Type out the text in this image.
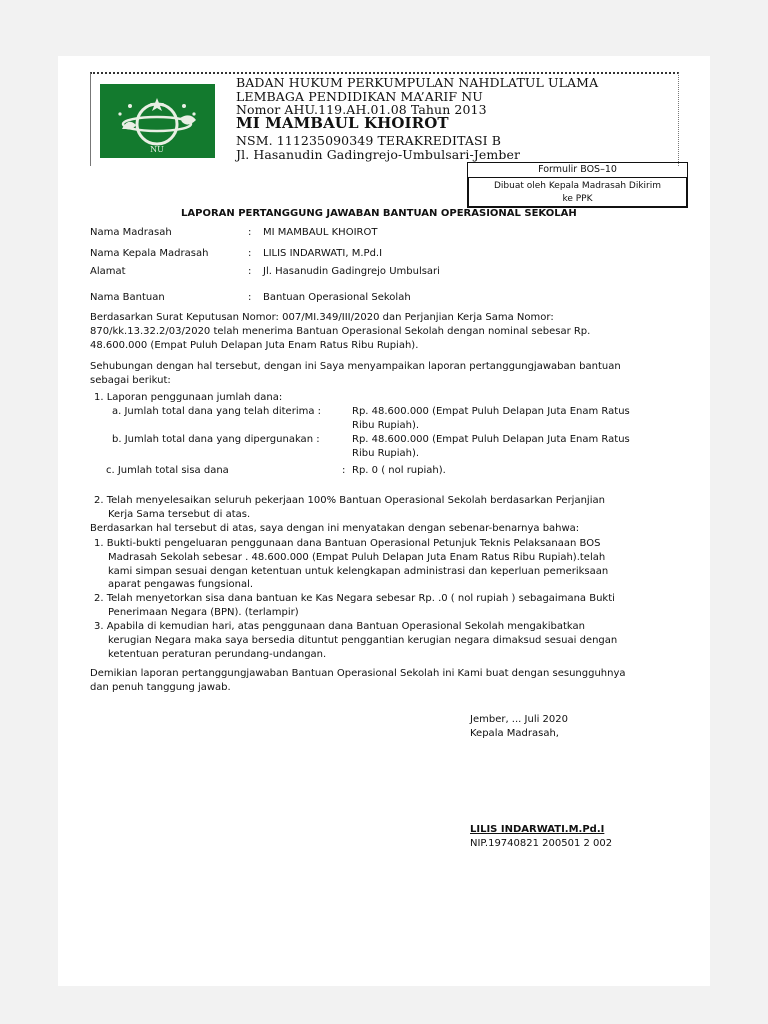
NU
BADAN HUKUM PERKUMPULAN NAHDLATUL ULAMA
LEMBAGA PENDIDIKAN MA’ARIF NU
Nomor AHU.119.AH.01.08 Tahun 2013
MI MAMBAUL KHOIROT
NSM. 111235090349 TERAKREDITASI B
Jl. Hasanudin Gadingrejo-Umbulsari-Jember
Formulir BOS–10
Dibuat oleh Kepala Madrasah Dikirim
ke PPK
LAPORAN PERTANGGUNG JAWABAN BANTUAN OPERASIONAL SEKOLAH
Nama Madrasah	: MI MAMBAUL KHOIROT
Nama Kepala Madrasah	: LILIS INDARWATI, M.Pd.I
Alamat	: Jl. Hasanudin Gadingrejo Umbulsari
Nama Bantuan	: Bantuan Operasional Sekolah
Berdasarkan Surat Keputusan Nomor: 007/MI.349/III/2020 dan Perjanjian Kerja Sama Nomor:
870/kk.13.32.2/03/2020 telah menerima Bantuan Operasional Sekolah dengan nominal sebesar Rp.
48.600.000 (Empat Puluh Delapan Juta Enam Ratus Ribu Rupiah).
Sehubungan dengan hal tersebut, dengan ini Saya menyampaikan laporan pertanggungjawaban bantuan
sebagai berikut:
1. Laporan penggunaan jumlah dana:
a. Jumlah total dana yang telah diterima :	Rp. 48.600.000 (Empat Puluh Delapan Juta Enam Ratus
Ribu Rupiah).
b. Jumlah total dana yang dipergunakan :	Rp. 48.600.000 (Empat Puluh Delapan Juta Enam Ratus
Ribu Rupiah).
c. Jumlah total sisa dana	: Rp. 0 ( nol rupiah).
2. Telah menyelesaikan seluruh pekerjaan 100% Bantuan Operasional Sekolah berdasarkan Perjanjian
Kerja Sama tersebut di atas.
Berdasarkan hal tersebut di atas, saya dengan ini menyatakan dengan sebenar-benarnya bahwa:
1. Bukti-bukti pengeluaran penggunaan dana Bantuan Operasional Petunjuk Teknis Pelaksanaan BOS
Madrasah Sekolah sebesar . 48.600.000 (Empat Puluh Delapan Juta Enam Ratus Ribu Rupiah).telah
kami simpan sesuai dengan ketentuan untuk kelengkapan administrasi dan keperluan pemeriksaan
aparat pengawas fungsional.
2. Telah menyetorkan sisa dana bantuan ke Kas Negara sebesar Rp. .0 ( nol rupiah ) sebagaimana Bukti
Penerimaan Negara (BPN). (terlampir)
3. Apabila di kemudian hari, atas penggunaan dana Bantuan Operasional Sekolah mengakibatkan
kerugian Negara maka saya bersedia dituntut penggantian kerugian negara dimaksud sesuai dengan
ketentuan peraturan perundang-undangan.
Demikian laporan pertanggungjawaban Bantuan Operasional Sekolah ini Kami buat dengan sesungguhnya
dan penuh tanggung jawab.
Jember, ... Juli 2020
Kepala Madrasah,
LILIS INDARWATI.M.Pd.I
NIP.19740821 200501 2 002
